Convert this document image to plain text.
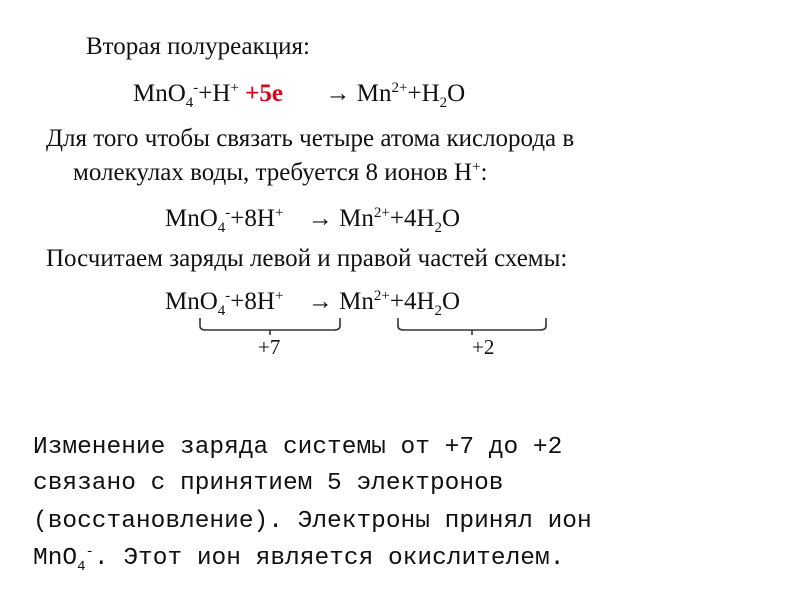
Вторая полуреакция:
$MnO_4^-+H^+ +5e \to Mn^{2+}+H_2O$
Для того чтобы связать четыре атома кислорода в
молекулах воды, требуется 8 ионов H+:
$MnO_4^-+8H^+ \to Mn^{2+}+4H_2O$
Посчитаем заряды левой и правой частей схемы:
$MnO_4^-+8H^+ \to Mn^{2+}+4H_2O$
+7	+2
Изменение заряда системы от +7 до +2
связано с принятием 5 электронов
(восстановление). Электроны принял ион
MnO$_4$-. Этот ион является окислителем.
